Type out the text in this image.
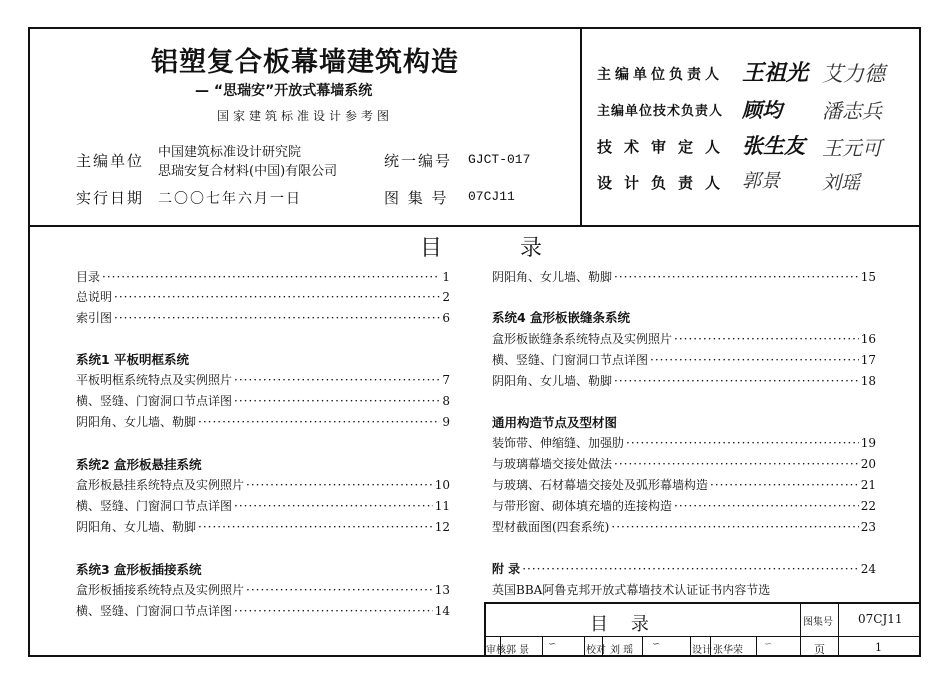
铝塑复合板幕墙建筑构造
— “思瑞安”开放式幕墙系统
国家建筑标准设计参考图
主编单位 中国建筑标准设计研究院
思瑞安复合材料(中国)有限公司
实行日期 二〇〇七年六月一日
统一编号 GJCT-017
图 集 号 07CJ11
主编单位负责人 王祖光 艾力德
主编单位技术负责人 顾均 潘志兵
技术审定人 张生友 王元可
设计负责人 郭景 刘瑶
目	录
目录 ·····	1
总说明 ·····	2
索引图 ·····	6
系统1 平板明框系统
平板明框系统特点及实例照片 ·····	7
横、竖缝、门窗洞口节点详图 ·····	8
阴阳角、女儿墙、勒脚 ·····	9
系统2 盒形板悬挂系统
盒形板悬挂系统特点及实例照片 ·····	10
横、竖缝、门窗洞口节点详图 ·····	11
阴阳角、女儿墙、勒脚 ·····	12
系统3 盒形板插接系统
盒形板插接系统特点及实例照片 ·····	13
横、竖缝、门窗洞口节点详图 ·····	14
阴阳角、女儿墙、勒脚 ·····	15
系统4 盒形板嵌缝条系统
盒形板嵌缝条系统特点及实例照片 ·····	16
横、竖缝、门窗洞口节点详图 ·····	17
阴阳角、女儿墙、勒脚 ·····	18
通用构造节点及型材图
装饰带、伸缩缝、加强肋 ·····	19
与玻璃幕墙交接处做法 ·····	20
与玻璃、石材幕墙交接处及弧形幕墙构造 ·····	21
与带形窗、砌体填充墙的连接构造 ·····	22
型材截面图(四套系统) ·····	23
附 录 ·····	24
英国BBA阿鲁克邦开放式幕墙技术认证证书内容节选
目    录	图集号 07CJ11
审核 郭 景
∽
校对 刘 瑶
∽
设计 张华荣
∽	页	1
